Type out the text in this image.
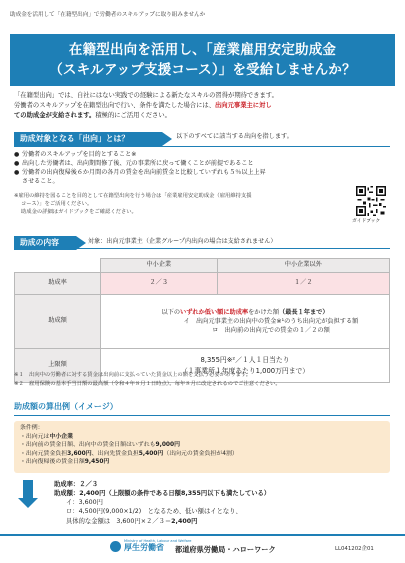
助成金を活用して「在籍型出向」で労働者のスキルアップに取り組みませんか
在籍型出向を活用し、「産業雇用安定助成金
（スキルアップ支援コース）」を受給しませんか？
「在籍型出向」では、自社にはない実践での経験による新たなスキルの習得が期待できます。
労働者のスキルアップを在籍型出向で行い、条件を満たした場合には、出向元事業主に対し
ての助成金が支給されます。積極的にご活用ください。
助成対象となる「出向」とは？	以下のすべてに該当する出向を指します。
● 労働者のスキルアップを目的とすること※
● 出向した労働者は、出向期間修了後、元の事業所に戻って働くことが前提であること
● 労働者の出向復帰後６か月間の各月の賃金を出向前賃金と比較していずれも５％以上上昇
させること。
※雇用の維持を図ることを目的として在籍型出向を行う場合は「産業雇用安定助成金（雇用維持支援
コース）」をご活用ください。
助成金の詳細はガイドブックをご確認ください。
ガイドブック
助成の内容	対象：出向元事業主（企業グループ内出向の場合は支給されません）
	中小企業	中小企業以外
助成率	２／３	１／２
助成額	以下のいずれか低い額に助成率をかけた額（最長１年まで）
イ　出向元事業主の出向中の賃金※¹のうち出向元が負担する額
ロ　出向前の出向元での賃金の１／２の額	

上限額	8,355円※²／１人１日当たり
（１事業所１年度あたり1,000万円まで）	
※１　出向中の労働者に対する賃金は出向前に支払っていた賃金以上の額を支払う必要があります。
※２　雇用保険の基本手当日額の最高額（令和４年８月１日時点）。毎年８月に改定されるのでご注意ください。
助成額の算出例（イメージ）
条件例：
・出向元は中小企業
・出向前の賃金日額、出向中の賃金日額はいずれも9,000円
・出向元賃金負担3,600円、出向先賃金負担5,400円（出向元の賃金負担が4割）
・出向復帰後の賃金日額9,450円
助成率：２／３
助成額：2,400円（上限額の条件である日額8,355円以下も満たしている）
イ：3,600円
ロ：4,500円(9,000×1/2)　となるため、低い額はイとなり、
具体的な金額は　3,600円×２／３＝2,400円
Ministry of Health, Labour and Welfare
厚生労働省 都道府県労働局・ハローワーク	LL041202企01
